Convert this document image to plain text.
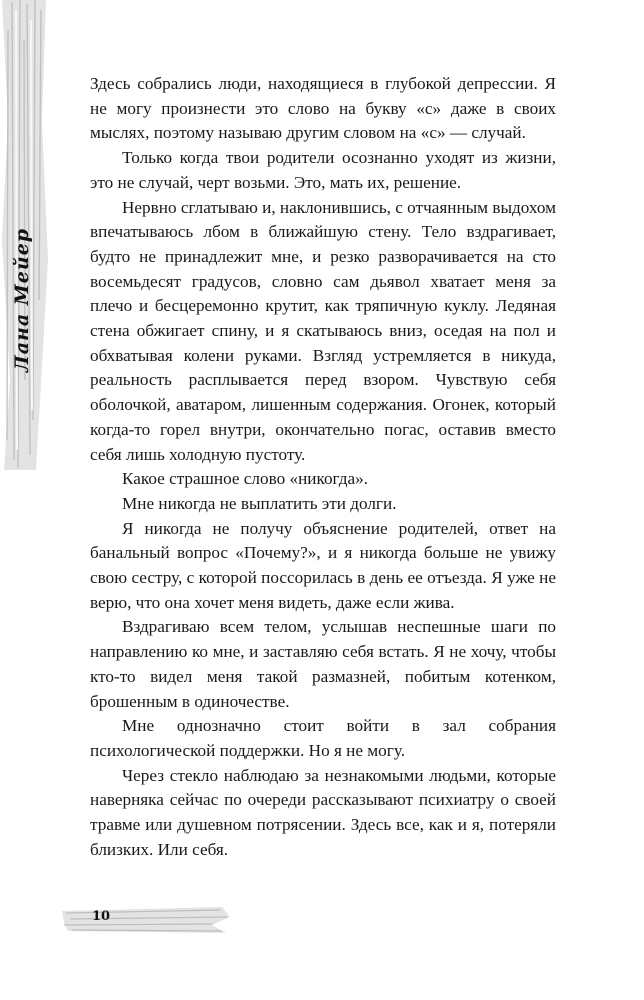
Лана Мейер

Здесь собрались люди, находящиеся в глубокой депрессии. Я не могу произнести это слово на букву «с» даже в своих мыслях, поэтому называю другим словом на «с» — случай.

Только когда твои родители осознанно уходят из жизни, это не случай, черт возьми. Это, мать их, решение.

Нервно сглатываю и, наклонившись, с отчаянным выдохом впечатываюсь лбом в ближайшую стену. Тело вздрагивает, будто не принадлежит мне, и резко разворачивается на сто восемьдесят градусов, словно сам дьявол хватает меня за плечо и бесцеремонно крутит, как тряпичную куклу. Ледяная стена обжигает спину, и я скатываюсь вниз, оседая на пол и обхватывая колени руками. Взгляд устремляется в никуда, реальность расплывается перед взором. Чувствую себя оболочкой, аватаром, лишенным содержания. Огонек, который когда-то горел внутри, окончательно погас, оставив вместо себя лишь холодную пустоту.

Какое страшное слово «никогда».

Мне никогда не выплатить эти долги.

Я никогда не получу объяснение родителей, ответ на банальный вопрос «Почему?», и я никогда больше не увижу свою сестру, с которой поссорилась в день ее отъезда. Я уже не верю, что она хочет меня видеть, даже если жива.

Вздрагиваю всем телом, услышав неспешные шаги по направлению ко мне, и заставляю себя встать. Я не хочу, чтобы кто-то видел меня такой размазней, побитым котенком, брошенным в одиночестве.

Мне однозначно стоит войти в зал собрания психологической поддержки. Но я не могу.

Через стекло наблюдаю за незнакомыми людьми, которые наверняка сейчас по очереди рассказывают психиатру о своей травме или душевном потрясении. Здесь все, как и я, потеряли близких. Или себя.

10
